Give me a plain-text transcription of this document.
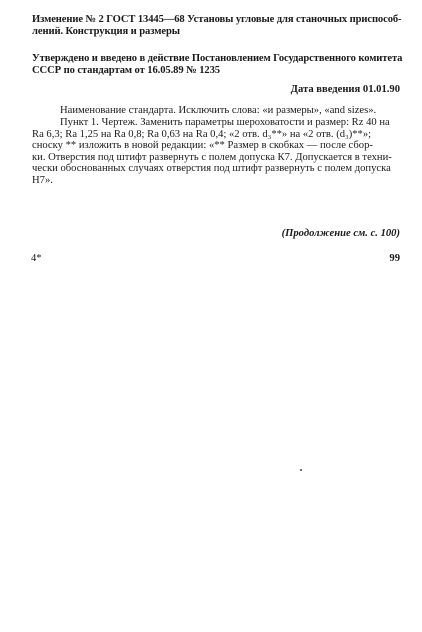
Изменение № 2 ГОСТ 13445—68 Установы угловые для станочных приспособ-
лений. Конструкция и размеры
Утверждено и введено в действие Постановлением Государственного комитета
СССР по стандартам от 16.05.89 № 1235
Дата введения 01.01.90
Наименование стандарта. Исключить слова: «и размеры», «and sizes».
Пункт 1. Чертеж. Заменить параметры шероховатости и размер: Rz 40 на
Ra 6,3; Ra 1,25 на Ra 0,8; Ra 0,63 на Ra 0,4; «2 отв. d₃**» на «2 отв. (d₃)**»;
сноску ** изложить в новой редакции: «** Размер в скобках — после сбор-
ки. Отверстия под штифт развернуть с полем допуска К7. Допускается в техни-
чески обоснованных случаях отверстия под штифт развернуть с полем допуска
Н7».
(Продолжение см. с. 100)
4*	99
